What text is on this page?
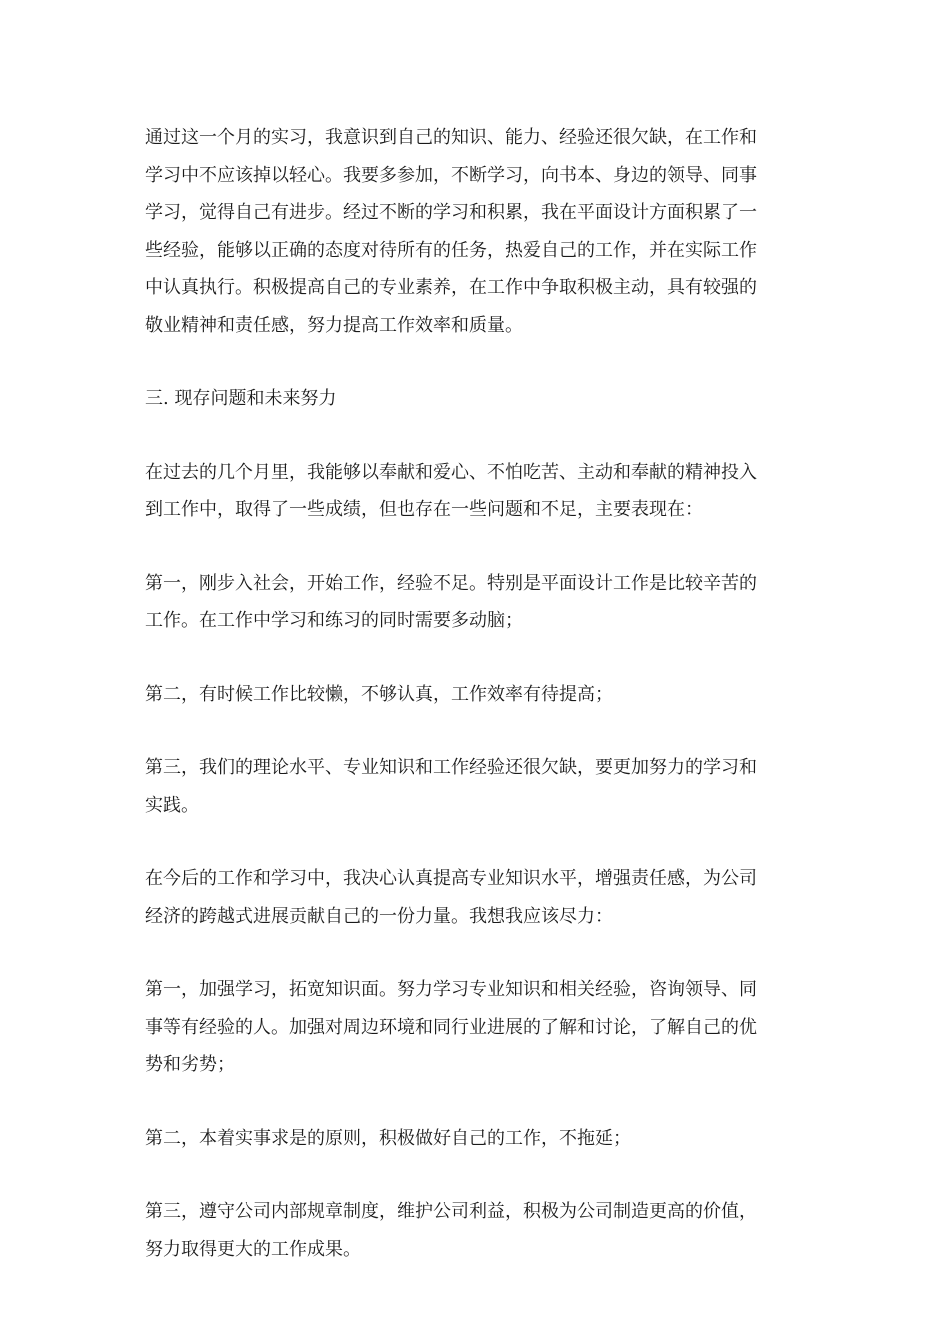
通过这一个月的实习，我意识到自己的知识、能力、经验还很欠缺，在工作和
学习中不应该掉以轻心。我要多参加，不断学习，向书本、身边的领导、同事
学习，觉得自己有进步。经过不断的学习和积累，我在平面设计方面积累了一
些经验，能够以正确的态度对待所有的任务，热爱自己的工作，并在实际工作
中认真执行。积极提高自己的专业素养，在工作中争取积极主动，具有较强的
敬业精神和责任感，努力提高工作效率和质量。

三. 现存问题和未来努力

在过去的几个月里，我能够以奉献和爱心、不怕吃苦、主动和奉献的精神投入
到工作中，取得了一些成绩，但也存在一些问题和不足，主要表现在：

第一，刚步入社会，开始工作，经验不足。特别是平面设计工作是比较辛苦的
工作。在工作中学习和练习的同时需要多动脑；

第二，有时候工作比较懒，不够认真，工作效率有待提高；

第三，我们的理论水平、专业知识和工作经验还很欠缺，要更加努力的学习和
实践。

在今后的工作和学习中，我决心认真提高专业知识水平，增强责任感，为公司
经济的跨越式进展贡献自己的一份力量。我想我应该尽力：

第一，加强学习，拓宽知识面。努力学习专业知识和相关经验，咨询领导、同
事等有经验的人。加强对周边环境和同行业进展的了解和讨论，了解自己的优
势和劣势；

第二，本着实事求是的原则，积极做好自己的工作，不拖延；

第三，遵守公司内部规章制度，维护公司利益，积极为公司制造更高的价值，
努力取得更大的工作成果。
